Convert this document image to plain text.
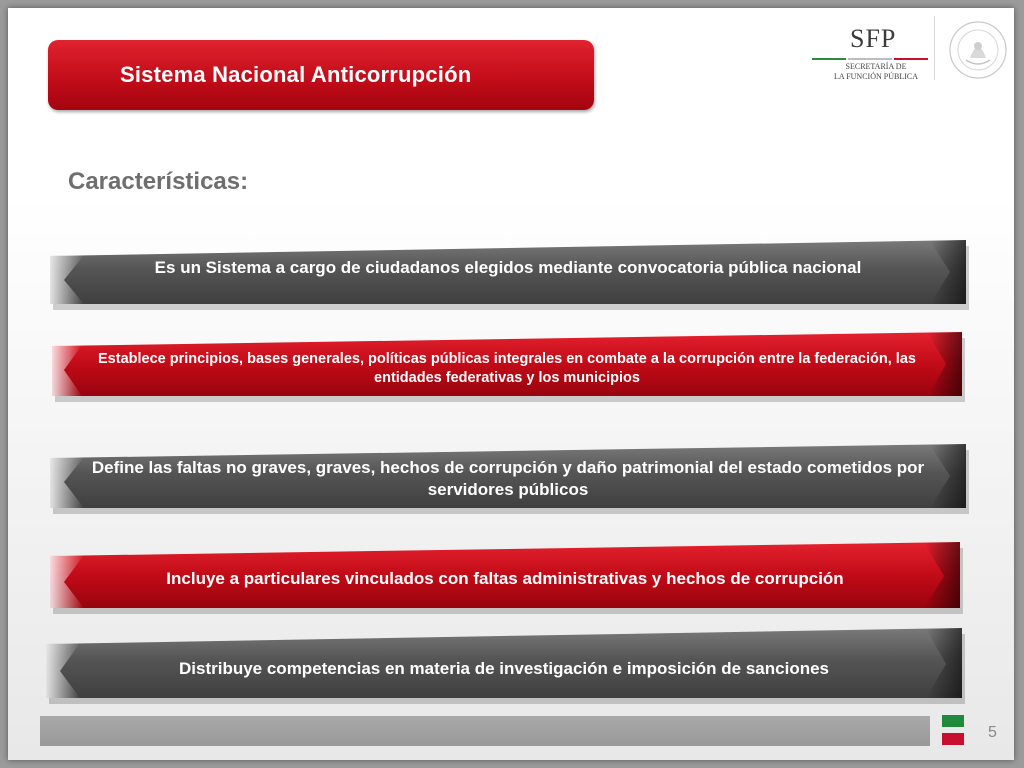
Sistema Nacional Anticorrupción
SFP
SECRETARÍA DE
LA FUNCIÓN PÚBLICA
Características:
Es un Sistema a cargo de ciudadanos elegidos mediante convocatoria pública nacional
Establece principios, bases generales, políticas públicas integrales en combate a la corrupción entre la federación, las entidades federativas y los municipios
Define las faltas no graves, graves, hechos de corrupción y daño patrimonial del estado cometidos por servidores públicos
Incluye a particulares vinculados con faltas administrativas y hechos de corrupción
Distribuye competencias en materia de investigación e imposición de sanciones
5
